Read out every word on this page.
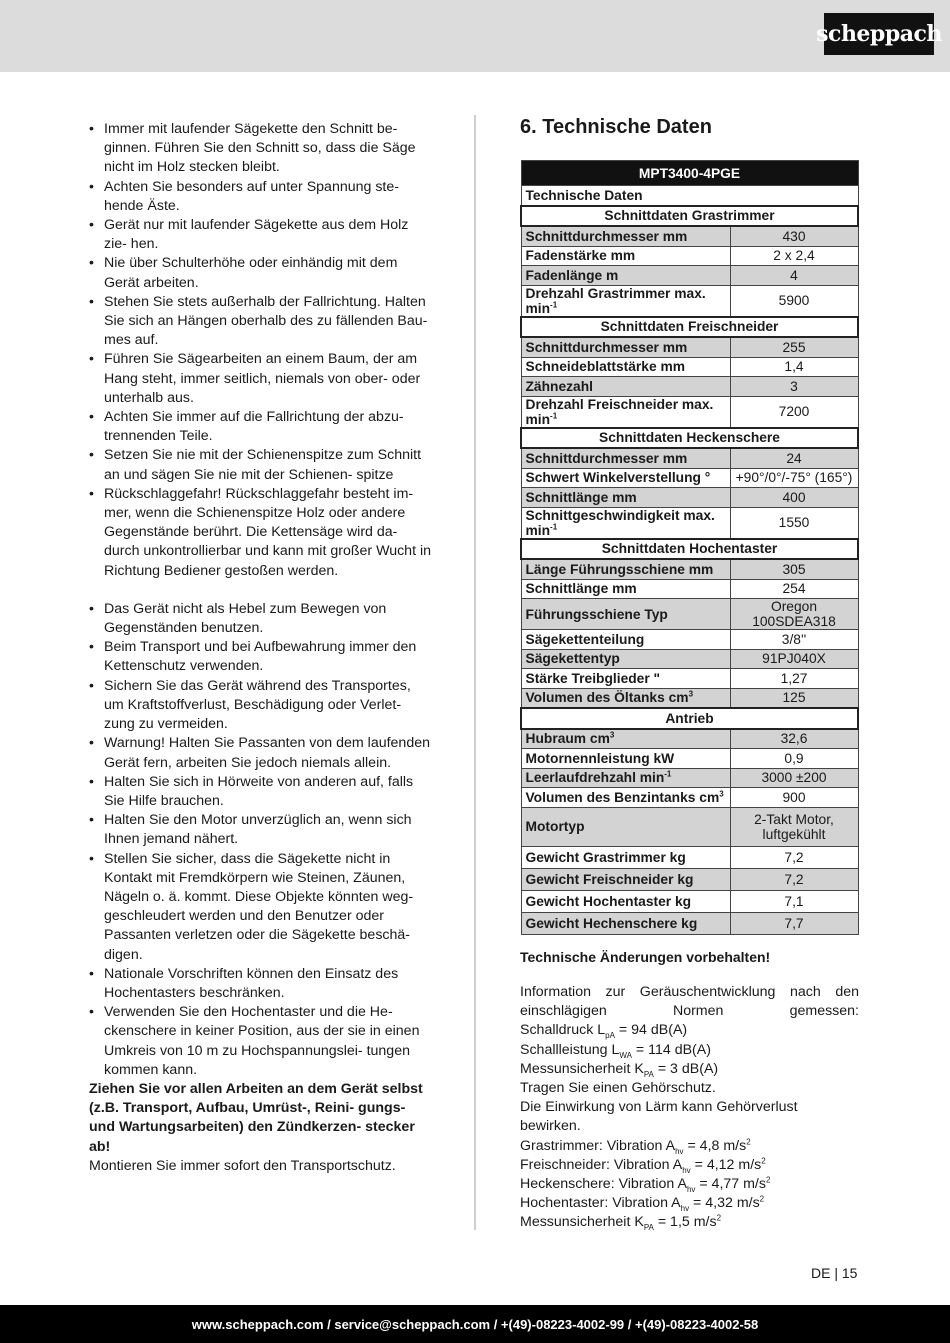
scheppach
• Immer mit laufender Sägekette den Schnitt be- ginnen. Führen Sie den Schnitt so, dass die Säge nicht im Holz stecken bleibt.
• Achten Sie besonders auf unter Spannung ste- hende Äste.
• Gerät nur mit laufender Sägekette aus dem Holz zie- hen.
• Nie über Schulterhöhe oder einhändig mit dem Gerät arbeiten.
• Stehen Sie stets außerhalb der Fallrichtung. Halten Sie sich an Hängen oberhalb des zu fällenden Bau- mes auf.
• Führen Sie Sägearbeiten an einem Baum, der am Hang steht, immer seitlich, niemals von ober- oder unterhalb aus.
• Achten Sie immer auf die Fallrichtung der abzu- trennenden Teile.
• Setzen Sie nie mit der Schienenspitze zum Schnitt an und sägen Sie nie mit der Schienen- spitze
• Rückschlaggefahr! Rückschlaggefahr besteht im- mer, wenn die Schienenspitze Holz oder andere Gegenstände berührt. Die Kettensäge wird da- durch unkontrollierbar und kann mit großer Wucht in Richtung Bediener gestoßen werden.
• Das Gerät nicht als Hebel zum Bewegen von Gegenständen benutzen.
• Beim Transport und bei Aufbewahrung immer den Kettenschutz verwenden.
• Sichern Sie das Gerät während des Transportes, um Kraftstoffverlust, Beschädigung oder Verlet- zung zu vermeiden.
• Warnung! Halten Sie Passanten von dem laufenden Gerät fern, arbeiten Sie jedoch niemals allein.
• Halten Sie sich in Hörweite von anderen auf, falls Sie Hilfe brauchen.
• Halten Sie den Motor unverzüglich an, wenn sich Ihnen jemand nähert.
• Stellen Sie sicher, dass die Sägekette nicht in Kontakt mit Fremdkörpern wie Steinen, Zäunen, Nägeln o. ä. kommt. Diese Objekte könnten weg- geschleudert werden und den Benutzer oder Passanten verletzen oder die Sägekette beschä- digen.
• Nationale Vorschriften können den Einsatz des Hochentasters beschränken.
• Verwenden Sie den Hochentaster und die He- ckenschere in keiner Position, aus der sie in einen Umkreis von 10 m zu Hochspannungslei- tungen kommen kann.
Ziehen Sie vor allen Arbeiten an dem Gerät selbst (z.B. Transport, Aufbau, Umrüst-, Reini- gungs- und Wartungsarbeiten) den Zündkerzen- stecker ab!
Montieren Sie immer sofort den Transportschutz.
6. Technische Daten
MPT3400-4PGE	
Technische Daten	
Schnittdaten Grastrimmer	
Schnittdurchmesser mm	430
Fadenstärke mm	2 x 2,4
Fadenlänge m	4
Drehzahl Grastrimmer max. $\min^{-1}$	5900
Schnittdaten Freischneider	
Schnittdurchmesser mm	255
Schneideblattstärke mm	1,4
Zähnezahl	3
Drehzahl Freischneider max. $\min^{-1}$	7200
Schnittdaten Heckenschere	
Schnittdurchmesser mm	24
Schwert Winkelverstellung °	+90°/0°/-75° (165°)
Schnittlänge mm	400
Schnittgeschwindigkeit max. $\min^{-1}$	1550
Schnittdaten Hochentaster	
Länge Führungsschiene mm	305
Schnittlänge mm	254
Führungsschiene Typ	Oregon 100SDEA318
Sägekettenteilung	3/8''
Sägekettentyp	91PJ040X
Stärke Treibglieder "	1,27
Volumen des Öltanks $cm^3$	125
Antrieb	
Hubraum $cm^3$	32,6
Motornennleistung kW	0,9
Leerlaufdrehzahl $\min^{-1}$	3000 ±200
Volumen des Benzintanks $cm^3$	900
Motortyp	2-Takt Motor, luftgekühlt
Gewicht Grastrimmer kg	7,2
Gewicht Freischneider kg	7,2
Gewicht Hochentaster kg	7,1
Gewicht Hechenschere kg	7,7
Technische Änderungen vorbehalten!
Information zur Geräuschentwicklung nach den einschlägigen Normen gemessen:
Schalldruck $L_{pA} = 94$ dB(A)
Schallleistung $L_{WA} = 114$ dB(A)
Messunsicherheit $K_{PA} = 3$ dB(A)
Tragen Sie einen Gehörschutz.
Die Einwirkung von Lärm kann Gehörverlust bewirken.
Grastrimmer: Vibration $A_{hv} = 4,8$ $m/s^2$
Freischneider: Vibration $A_{hv} = 4,12$ $m/s^2$
Heckenschere: Vibration $A_{hv} = 4,77$ $m/s^2$
Hochentaster: Vibration $A_{hv} = 4,32$ $m/s^2$
Messunsicherheit $K_{PA} = 1,5$ $m/s^2$
DE | 15
www.scheppach.com / service@scheppach.com / +(49)-08223-4002-99 / +(49)-08223-4002-58
